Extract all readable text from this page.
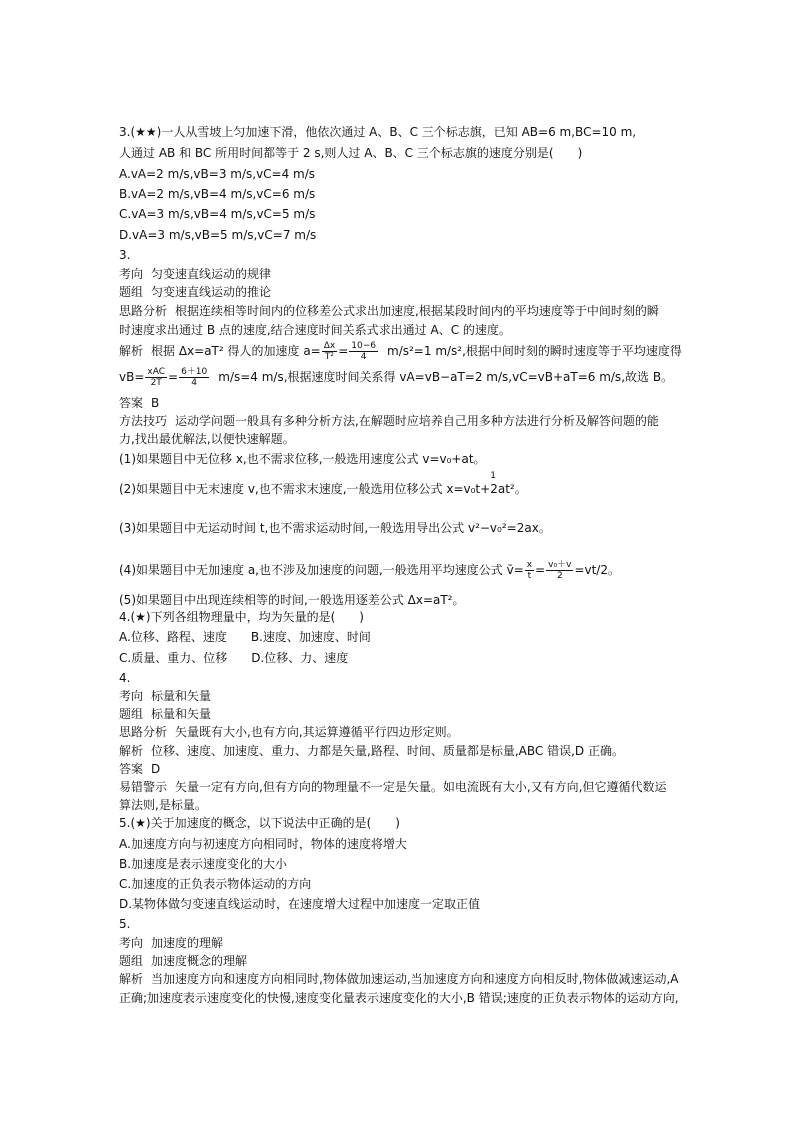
3.(★★)一人从雪坡上匀加速下滑，他依次通过 A、B、C 三个标志旗，已知 AB=6 m,BC=10 m,
人通过 AB 和 BC 所用时间都等于 2 s,则人过 A、B、C 三个标志旗的速度分别是(　　)
A.vA=2 m/s,vB=3 m/s,vC=4 m/s
B.vA=2 m/s,vB=4 m/s,vC=6 m/s
C.vA=3 m/s,vB=4 m/s,vC=5 m/s
D.vA=3 m/s,vB=5 m/s,vC=7 m/s
3.
考向 匀变速直线运动的规律
题组 匀变速直线运动的推论
思路分析 根据连续相等时间内的位移差公式求出加速度,根据某段时间内的平均速度等于中间时刻的瞬
时速度求出通过 B 点的速度,结合速度时间关系式求出通过 A、C 的速度。
解析 根据 Δx=aT² 得人的加速度 $a= \frac{\Delta x}{\text{T²}} = \frac{10-6}{4} m/s^2=1$ m/s²,根据中间时刻的瞬时速度等于平均速度得
$vB= \frac{\text{xAC}}{2T} = \frac{6+10}{4} m/s=4$ m/s,根据速度时间关系得 vA=vB−aT=2 m/s,vC=vB+aT=6 m/s,故选 B。
答案 B
方法技巧 运动学问题一般具有多种分析方法,在解题时应培养自己用多种方法进行分析及解答问题的能
力,找出最优解法,以便快速解题。
(1)如果题目中无位移 x,也不需求位移,一般选用速度公式 v=v₀+at。
(2)如果题目中无末速度 v,也不需求末速度,一般选用位移公式 x=v₀t+
1
2at²。
(3)如果题目中无运动时间 t,也不需求运动时间,一般选用导出公式 v²−v₀²=2ax。
(4)如果题目中无加速度 a,也不涉及加速度的问题,一般选用平均速度公式 v̄= $\frac{x}{t} = \frac{\text{v₀＋v}}{2} =vt/2$。
(5)如果题目中出现连续相等的时间,一般选用逐差公式 Δx=aT²。
4.(★)下列各组物理量中，均为矢量的是(　　)
A.位移、路程、速度　　B.速度、加速度、时间
C.质量、重力、位移　　D.位移、力、速度
4.
考向 标量和矢量
题组 标量和矢量
思路分析 矢量既有大小,也有方向,其运算遵循平行四边形定则。
解析 位移、速度、加速度、重力、力都是矢量,路程、时间、质量都是标量,ABC 错误,D 正确。
答案 D
易错警示 矢量一定有方向,但有方向的物理量不一定是矢量。如电流既有大小,又有方向,但它遵循代数运
算法则,是标量。
5.(★)关于加速度的概念，以下说法中正确的是(　　)
A.加速度方向与初速度方向相同时，物体的速度将增大
B.加速度是表示速度变化的大小
C.加速度的正负表示物体运动的方向
D.某物体做匀变速直线运动时，在速度增大过程中加速度一定取正值
5.
考向 加速度的理解
题组 加速度概念的理解
解析 当加速度方向和速度方向相同时,物体做加速运动,当加速度方向和速度方向相反时,物体做减速运动,A
正确;加速度表示速度变化的快慢,速度变化量表示速度变化的大小,B 错误;速度的正负表示物体的运动方向,
